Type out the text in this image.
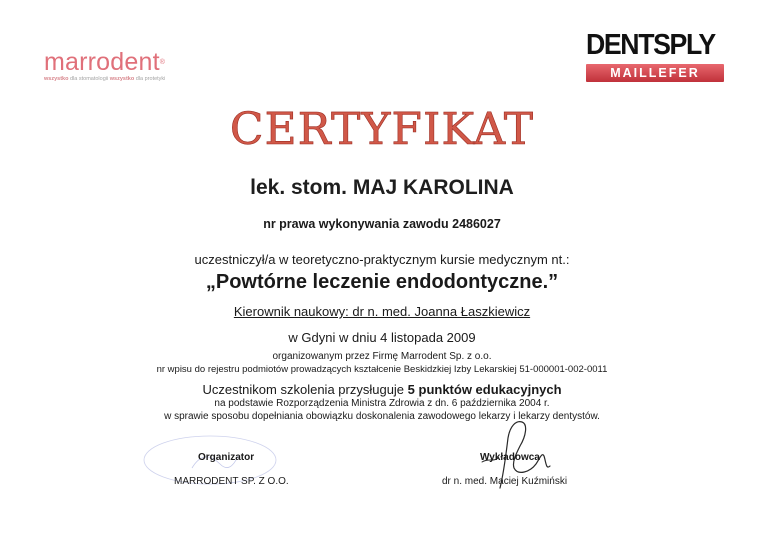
marrodent®
wszystko dla stomatologii wszystko dla protetyki
DENTSPLY
MAILLEFER
CERTYFIKAT
lek. stom. MAJ KAROLINA
nr prawa wykonywania zawodu 2486027
uczestniczył/a w teoretyczno-praktycznym kursie medycznym nt.:
„Powtórne leczenie endodontyczne.”
Kierownik naukowy: dr n. med. Joanna Łaszkiewicz
w Gdyni w dniu 4 listopada 2009
organizowanym przez Firmę Marrodent Sp. z o.o.
nr wpisu do rejestru podmiotów prowadzących kształcenie Beskidzkiej Izby Lekarskiej 51-000001-002-0011
Uczestnikom szkolenia przysługuje 5 punktów edukacyjnych
na podstawie Rozporządzenia Ministra Zdrowia z dn. 6 października 2004 r.
w sprawie sposobu dopełniania obowiązku doskonalenia zawodowego lekarzy i lekarzy dentystów.
Organizator
MARRODENT SP. Z O.O.
Wykładowca
dr n. med. Maciej Kuźmiński
